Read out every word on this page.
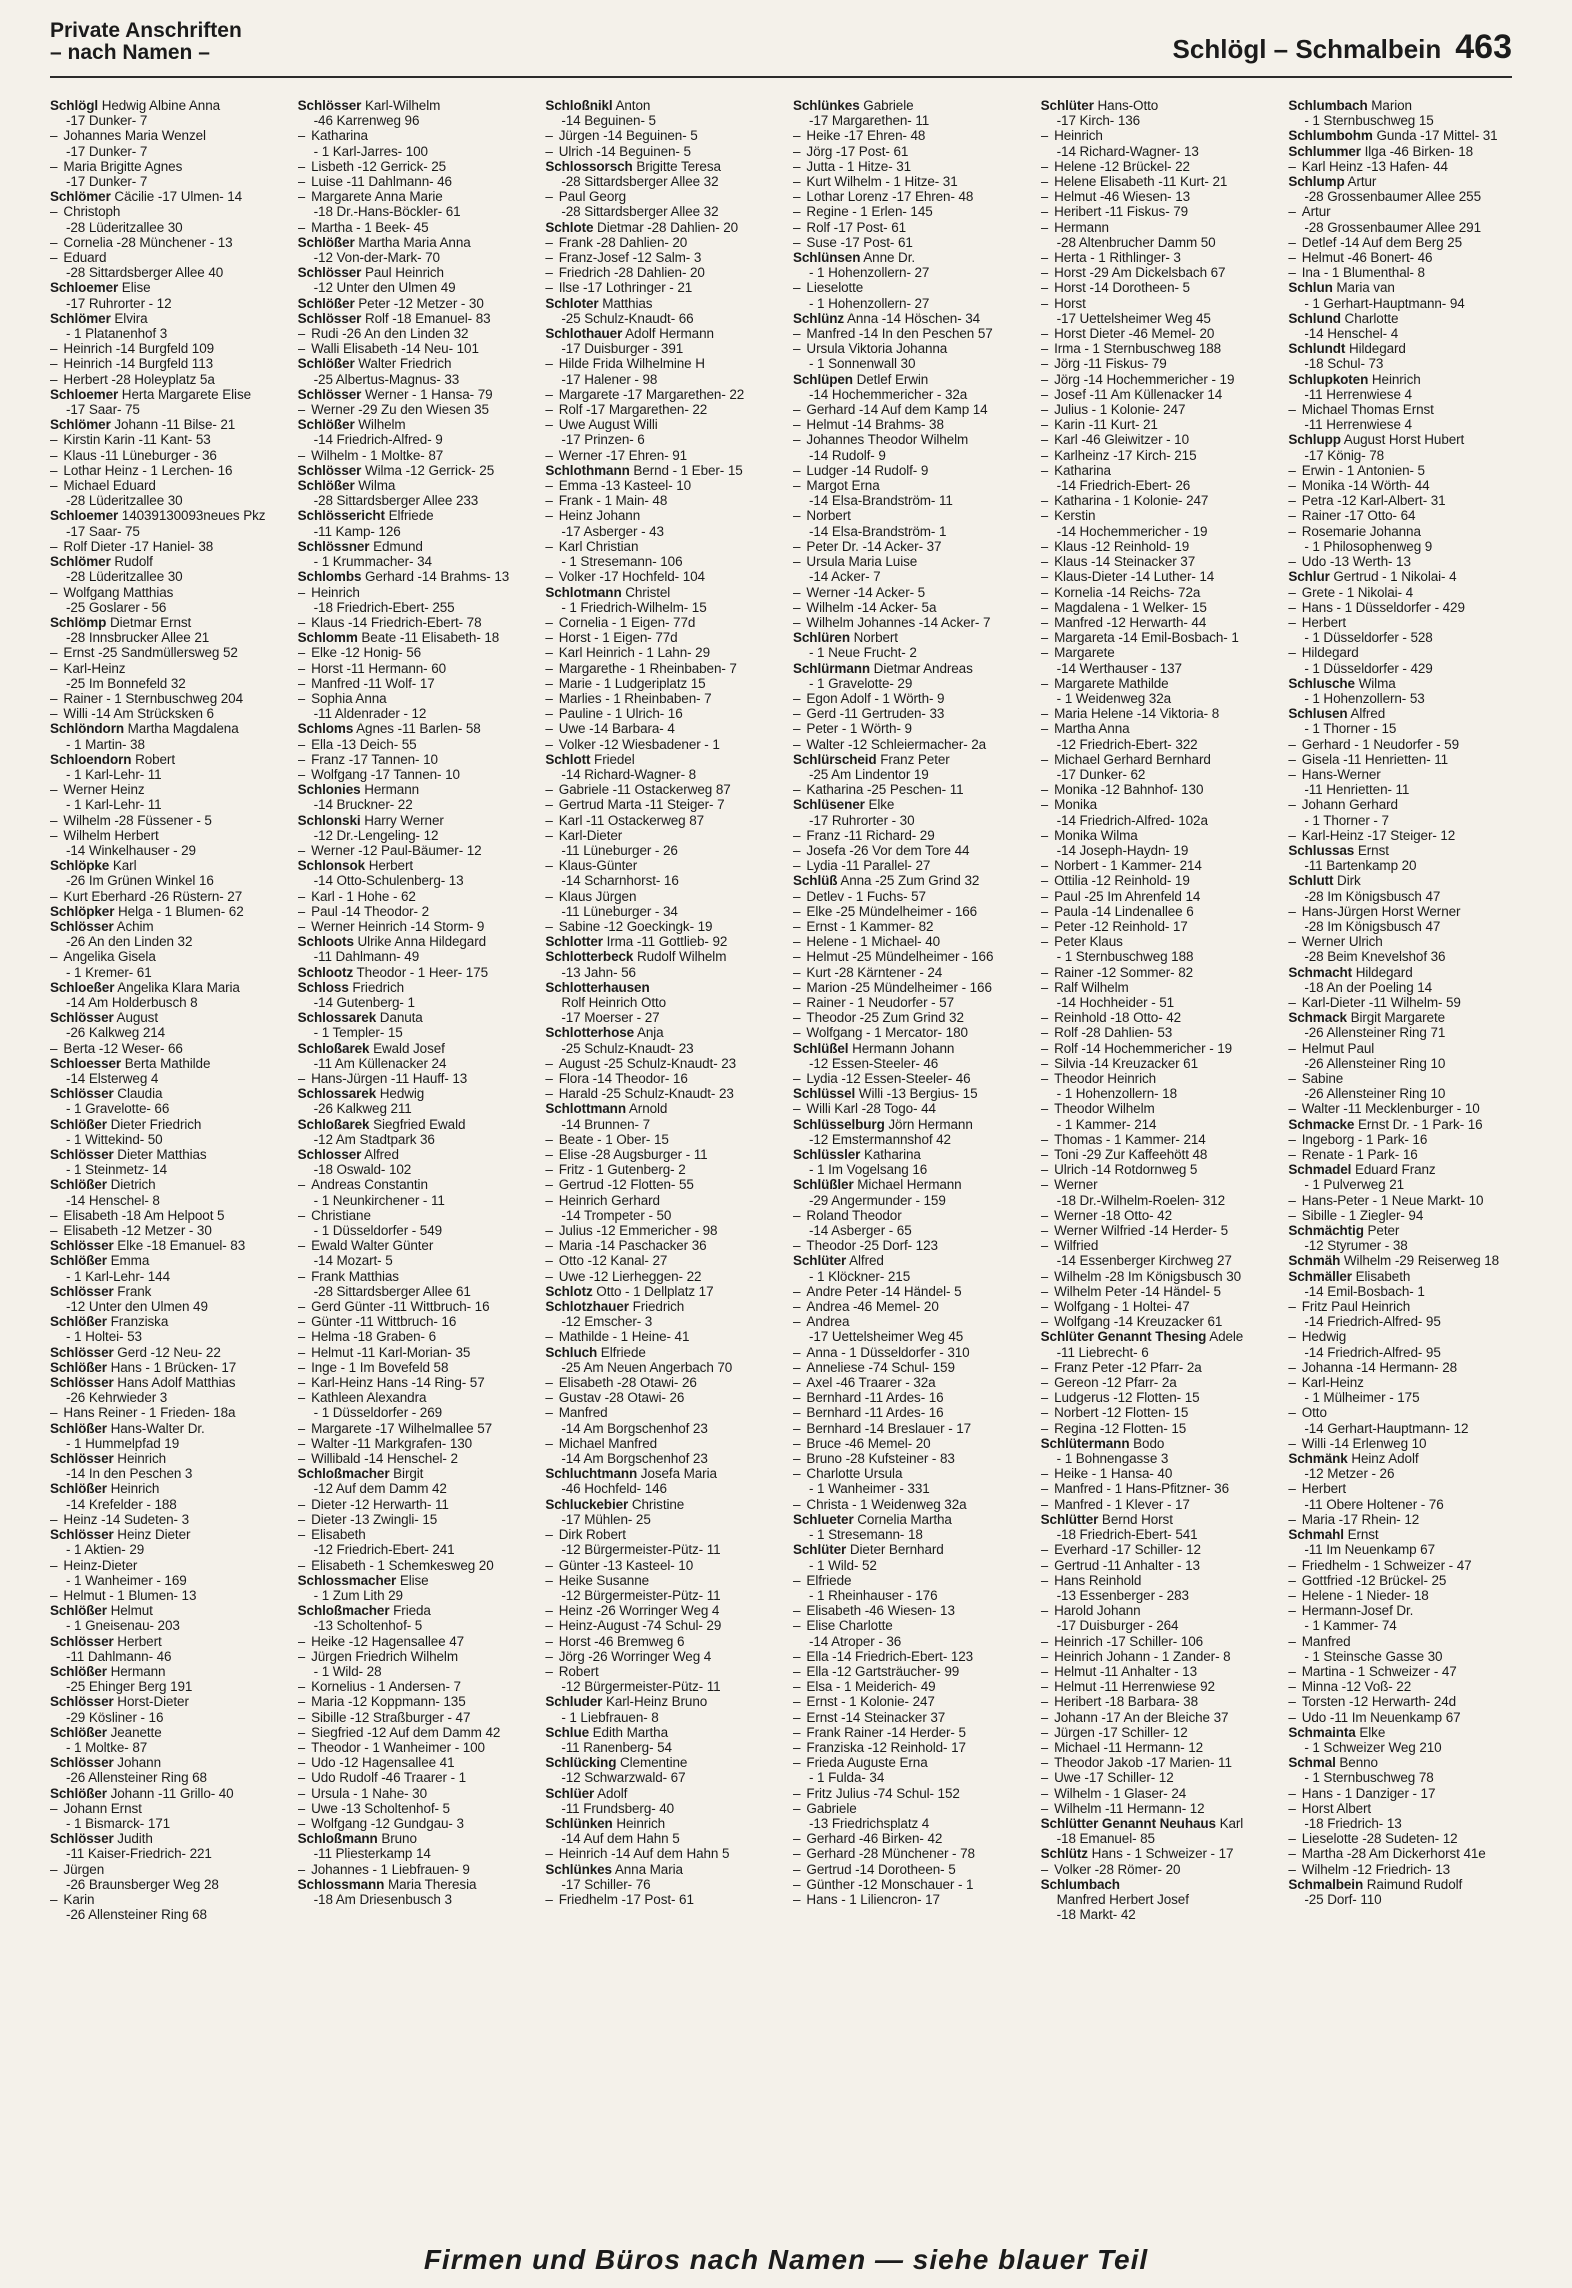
Private Anschriften
– nach Namen –	Schlögl – Schmalbein 463
Schlögl Hedwig Albine Anna
-17 Dunker- 7
– Johannes Maria Wenzel
-17 Dunker- 7
– Maria Brigitte Agnes
-17 Dunker- 7
Schlömer Cäcilie -17 Ulmen- 14
– Christoph
-28 Lüderitzallee 30
– Cornelia -28 Münchener - 13
– Eduard
-28 Sittardsberger Allee 40
Schloemer Elise
-17 Ruhrorter - 12
Schlömer Elvira
- 1 Platanenhof 3
– Heinrich -14 Burgfeld 109
– Heinrich -14 Burgfeld 113
– Herbert -28 Holeyplatz 5a
Schloemer Herta Margarete Elise
-17 Saar- 75
Schlömer Johann -11 Bilse- 21
– Kirstin Karin -11 Kant- 53
– Klaus -11 Lüneburger - 36
– Lothar Heinz - 1 Lerchen- 16
– Michael Eduard
-28 Lüderitzallee 30
Schloemer 14039130093neues Pkz
-17 Saar- 75
– Rolf Dieter -17 Haniel- 38
Schlömer Rudolf
-28 Lüderitzallee 30
– Wolfgang Matthias
-25 Goslarer - 56
Schlömp Dietmar Ernst
-28 Innsbrucker Allee 21
– Ernst -25 Sandmüllersweg 52
– Karl-Heinz
-25 Im Bonnefeld 32
– Rainer - 1 Sternbuschweg 204
– Willi -14 Am Strücksken 6
Schlöndorn Martha Magdalena
- 1 Martin- 38
Schloendorn Robert
- 1 Karl-Lehr- 11
– Werner Heinz
- 1 Karl-Lehr- 11
– Wilhelm -28 Füssener - 5
– Wilhelm Herbert
-14 Winkelhauser - 29
Schlöpke Karl
-26 Im Grünen Winkel 16
– Kurt Eberhard -26 Rüstern- 27
Schlöpker Helga - 1 Blumen- 62
Schlösser Achim
-26 An den Linden 32
– Angelika Gisela
- 1 Kremer- 61
Schloeßer Angelika Klara Maria
-14 Am Holderbusch 8
Schlösser August
-26 Kalkweg 214
– Berta -12 Weser- 66
Schloesser Berta Mathilde
-14 Elsterweg 4
Schlösser Claudia
- 1 Gravelotte- 66
Schlößer Dieter Friedrich
- 1 Wittekind- 50
Schlösser Dieter Matthias
- 1 Steinmetz- 14
Schlößer Dietrich
-14 Henschel- 8
– Elisabeth -18 Am Helpoot 5
– Elisabeth -12 Metzer - 30
Schlösser Elke -18 Emanuel- 83
Schlößer Emma
- 1 Karl-Lehr- 144
Schlösser Frank
-12 Unter den Ulmen 49
Schlößer Franziska
- 1 Holtei- 53
Schlösser Gerd -12 Neu- 22
Schlößer Hans - 1 Brücken- 17
Schlösser Hans Adolf Matthias
-26 Kehrwieder 3
– Hans Reiner - 1 Frieden- 18a
Schlößer Hans-Walter Dr.
- 1 Hummelpfad 19
Schlösser Heinrich
-14 In den Peschen 3
Schlößer Heinrich
-14 Krefelder - 188
– Heinz -14 Sudeten- 3
Schlösser Heinz Dieter
- 1 Aktien- 29
– Heinz-Dieter
- 1 Wanheimer - 169
– Helmut - 1 Blumen- 13
Schlößer Helmut
- 1 Gneisenau- 203
Schlösser Herbert
-11 Dahlmann- 46
Schlößer Hermann
-25 Ehinger Berg 191
Schlösser Horst-Dieter
-29 Kösliner - 16
Schlößer Jeanette
- 1 Moltke- 87
Schlösser Johann
-26 Allensteiner Ring 68
Schlößer Johann -11 Grillo- 40
– Johann Ernst
- 1 Bismarck- 171
Schlösser Judith
-11 Kaiser-Friedrich- 221
– Jürgen
-26 Braunsberger Weg 28
– Karin
-26 Allensteiner Ring 68
Schlösser Karl-Wilhelm
-46 Karrenweg 96
– Katharina
- 1 Karl-Jarres- 100
– Lisbeth -12 Gerrick- 25
– Luise -11 Dahlmann- 46
– Margarete Anna Marie
-18 Dr.-Hans-Böckler- 61
– Martha - 1 Beek- 45
Schlößer Martha Maria Anna
-12 Von-der-Mark- 70
Schlösser Paul Heinrich
-12 Unter den Ulmen 49
Schlößer Peter -12 Metzer - 30
Schlösser Rolf -18 Emanuel- 83
– Rudi -26 An den Linden 32
– Walli Elisabeth -14 Neu- 101
Schlößer Walter Friedrich
-25 Albertus-Magnus- 33
Schlösser Werner - 1 Hansa- 79
– Werner -29 Zu den Wiesen 35
Schlößer Wilhelm
-14 Friedrich-Alfred- 9
– Wilhelm - 1 Moltke- 87
Schlösser Wilma -12 Gerrick- 25
Schlößer Wilma
-28 Sittardsberger Allee 233
Schlössericht Elfriede
-11 Kamp- 126
Schlössner Edmund
- 1 Krummacher- 34
Schlombs Gerhard -14 Brahms- 13
– Heinrich
-18 Friedrich-Ebert- 255
– Klaus -14 Friedrich-Ebert- 78
Schlomm Beate -11 Elisabeth- 18
– Elke -12 Honig- 56
– Horst -11 Hermann- 60
– Manfred -11 Wolf- 17
– Sophia Anna
-11 Aldenrader - 12
Schloms Agnes -11 Barlen- 58
– Ella -13 Deich- 55
– Franz -17 Tannen- 10
– Wolfgang -17 Tannen- 10
Schlonies Hermann
-14 Bruckner- 22
Schlonski Harry Werner
-12 Dr.-Lengeling- 12
– Werner -12 Paul-Bäumer- 12
Schlonsok Herbert
-14 Otto-Schulenberg- 13
– Karl - 1 Hohe - 62
– Paul -14 Theodor- 2
– Werner Heinrich -14 Storm- 9
Schloots Ulrike Anna Hildegard
-11 Dahlmann- 49
Schlootz Theodor - 1 Heer- 175
Schloss Friedrich
-14 Gutenberg- 1
Schlossarek Danuta
- 1 Templer- 15
Schloßarek Ewald Josef
-11 Am Küllenacker 24
– Hans-Jürgen -11 Hauff- 13
Schlossarek Hedwig
-26 Kalkweg 211
Schloßarek Siegfried Ewald
-12 Am Stadtpark 36
Schlosser Alfred
-18 Oswald- 102
– Andreas Constantin
- 1 Neunkirchener - 11
– Christiane
- 1 Düsseldorfer - 549
– Ewald Walter Günter
-14 Mozart- 5
– Frank Matthias
-28 Sittardsberger Allee 61
– Gerd Günter -11 Wittbruch- 16
– Günter -11 Wittbruch- 16
– Helma -18 Graben- 6
– Helmut -11 Karl-Morian- 35
– Inge - 1 Im Bovefeld 58
– Karl-Heinz Hans -14 Ring- 57
– Kathleen Alexandra
- 1 Düsseldorfer - 269
– Margarete -17 Wilhelmallee 57
– Walter -11 Markgrafen- 130
– Willibald -14 Henschel- 2
Schloßmacher Birgit
-12 Auf dem Damm 42
– Dieter -12 Herwarth- 11
– Dieter -13 Zwingli- 15
– Elisabeth
-12 Friedrich-Ebert- 241
– Elisabeth - 1 Schemkesweg 20
Schlossmacher Elise
- 1 Zum Lith 29
Schloßmacher Frieda
-13 Scholtenhof- 5
– Heike -12 Hagensallee 47
– Jürgen Friedrich Wilhelm
- 1 Wild- 28
– Kornelius - 1 Andersen- 7
– Maria -12 Koppmann- 135
– Sibille -12 Straßburger - 47
– Siegfried -12 Auf dem Damm 42
– Theodor - 1 Wanheimer - 100
– Udo -12 Hagensallee 41
– Udo Rudolf -46 Traarer - 1
– Ursula - 1 Nahe- 30
– Uwe -13 Scholtenhof- 5
– Wolfgang -12 Gundgau- 3
Schloßmann Bruno
-11 Pliesterkamp 14
– Johannes - 1 Liebfrauen- 9
Schlossmann Maria Theresia
-18 Am Driesenbusch 3
Schloßnikl Anton
-14 Beguinen- 5
– Jürgen -14 Beguinen- 5
– Ulrich -14 Beguinen- 5
Schlossorsch Brigitte Teresa
-28 Sittardsberger Allee 32
– Paul Georg
-28 Sittardsberger Allee 32
Schlote Dietmar -28 Dahlien- 20
– Frank -28 Dahlien- 20
– Franz-Josef -12 Salm- 3
– Friedrich -28 Dahlien- 20
– Ilse -17 Lothringer - 21
Schloter Matthias
-25 Schulz-Knaudt- 66
Schlothauer Adolf Hermann
-17 Duisburger - 391
– Hilde Frida Wilhelmine H
-17 Halener - 98
– Margarete -17 Margarethen- 22
– Rolf -17 Margarethen- 22
– Uwe August Willi
-17 Prinzen- 6
– Werner -17 Ehren- 91
Schlothmann Bernd - 1 Eber- 15
– Emma -13 Kasteel- 10
– Frank - 1 Main- 48
– Heinz Johann
-17 Asberger - 43
– Karl Christian
- 1 Stresemann- 106
– Volker -17 Hochfeld- 104
Schlotmann Christel
- 1 Friedrich-Wilhelm- 15
– Cornelia - 1 Eigen- 77d
– Horst - 1 Eigen- 77d
– Karl Heinrich - 1 Lahn- 29
– Margarethe - 1 Rheinbaben- 7
– Marie - 1 Ludgeriplatz 15
– Marlies - 1 Rheinbaben- 7
– Pauline - 1 Ulrich- 16
– Uwe -14 Barbara- 4
– Volker -12 Wiesbadener - 1
Schlott Friedel
-14 Richard-Wagner- 8
– Gabriele -11 Ostackerweg 87
– Gertrud Marta -11 Steiger- 7
– Karl -11 Ostackerweg 87
– Karl-Dieter
-11 Lüneburger - 26
– Klaus-Günter
-14 Scharnhorst- 16
– Klaus Jürgen
-11 Lüneburger - 34
– Sabine -12 Goeckingk- 19
Schlotter Irma -11 Gottlieb- 92
Schlotterbeck Rudolf Wilhelm
-13 Jahn- 56
Schlotterhausen
Rolf Heinrich Otto
-17 Moerser - 27
Schlotterhose Anja
-25 Schulz-Knaudt- 23
– August -25 Schulz-Knaudt- 23
– Flora -14 Theodor- 16
– Harald -25 Schulz-Knaudt- 23
Schlottmann Arnold
-14 Brunnen- 7
– Beate - 1 Ober- 15
– Elise -28 Augsburger - 11
– Fritz - 1 Gutenberg- 2
– Gertrud -12 Flotten- 55
– Heinrich Gerhard
-14 Trompeter - 50
– Julius -12 Emmericher - 98
– Maria -14 Paschacker 36
– Otto -12 Kanal- 27
– Uwe -12 Lierheggen- 22
Schlotz Otto - 1 Dellplatz 17
Schlotzhauer Friedrich
-12 Emscher- 3
– Mathilde - 1 Heine- 41
Schluch Elfriede
-25 Am Neuen Angerbach 70
– Elisabeth -28 Otawi- 26
– Gustav -28 Otawi- 26
– Manfred
-14 Am Borgschenhof 23
– Michael Manfred
-14 Am Borgschenhof 23
Schluchtmann Josefa Maria
-46 Hochfeld- 146
Schluckebier Christine
-17 Mühlen- 25
– Dirk Robert
-12 Bürgermeister-Pütz- 11
– Günter -13 Kasteel- 10
– Heike Susanne
-12 Bürgermeister-Pütz- 11
– Heinz -26 Worringer Weg 4
– Heinz-August -74 Schul- 29
– Horst -46 Bremweg 6
– Jörg -26 Worringer Weg 4
– Robert
-12 Bürgermeister-Pütz- 11
Schluder Karl-Heinz Bruno
- 1 Liebfrauen- 8
Schlue Edith Martha
-11 Ranenberg- 54
Schlücking Clementine
-12 Schwarzwald- 67
Schlüer Adolf
-11 Frundsberg- 40
Schlünken Heinrich
-14 Auf dem Hahn 5
– Heinrich -14 Auf dem Hahn 5
Schlünkes Anna Maria
-17 Schiller- 76
– Friedhelm -17 Post- 61
Schlünkes Gabriele
-17 Margarethen- 11
– Heike -17 Ehren- 48
– Jörg -17 Post- 61
– Jutta - 1 Hitze- 31
– Kurt Wilhelm - 1 Hitze- 31
– Lothar Lorenz -17 Ehren- 48
– Regine - 1 Erlen- 145
– Rolf -17 Post- 61
– Suse -17 Post- 61
Schlünsen Anne Dr.
- 1 Hohenzollern- 27
– Lieselotte
- 1 Hohenzollern- 27
Schlünz Anna -14 Höschen- 34
– Manfred -14 In den Peschen 57
– Ursula Viktoria Johanna
- 1 Sonnenwall 30
Schlüpen Detlef Erwin
-14 Hochemmericher - 32a
– Gerhard -14 Auf dem Kamp 14
– Helmut -14 Brahms- 38
– Johannes Theodor Wilhelm
-14 Rudolf- 9
– Ludger -14 Rudolf- 9
– Margot Erna
-14 Elsa-Brandström- 11
– Norbert
-14 Elsa-Brandström- 1
– Peter Dr. -14 Acker- 37
– Ursula Maria Luise
-14 Acker- 7
– Werner -14 Acker- 5
– Wilhelm -14 Acker- 5a
– Wilhelm Johannes -14 Acker- 7
Schlüren Norbert
- 1 Neue Frucht- 2
Schlürmann Dietmar Andreas
- 1 Gravelotte- 29
– Egon Adolf - 1 Wörth- 9
– Gerd -11 Gertruden- 33
– Peter - 1 Wörth- 9
– Walter -12 Schleiermacher- 2a
Schlürscheid Franz Peter
-25 Am Lindentor 19
– Katharina -25 Peschen- 11
Schlüsener Elke
-17 Ruhrorter - 30
– Franz -11 Richard- 29
– Josefa -26 Vor dem Tore 44
– Lydia -11 Parallel- 27
Schlüß Anna -25 Zum Grind 32
– Detlev - 1 Fuchs- 57
– Elke -25 Mündelheimer - 166
– Ernst - 1 Kammer- 82
– Helene - 1 Michael- 40
– Helmut -25 Mündelheimer - 166
– Kurt -28 Kärntener - 24
– Marion -25 Mündelheimer - 166
– Rainer - 1 Neudorfer - 57
– Theodor -25 Zum Grind 32
– Wolfgang - 1 Mercator- 180
Schlüßel Hermann Johann
-12 Essen-Steeler- 46
– Lydia -12 Essen-Steeler- 46
Schlüssel Willi -13 Bergius- 15
– Willi Karl -28 Togo- 44
Schlüsselburg Jörn Hermann
-12 Emstermannshof 42
Schlüssler Katharina
- 1 Im Vogelsang 16
Schlüßler Michael Hermann
-29 Angermunder - 159
– Roland Theodor
-14 Asberger - 65
– Theodor -25 Dorf- 123
Schlüter Alfred
- 1 Klöckner- 215
– Andre Peter -14 Händel- 5
– Andrea -46 Memel- 20
– Andrea
-17 Uettelsheimer Weg 45
– Anna - 1 Düsseldorfer - 310
– Anneliese -74 Schul- 159
– Axel -46 Traarer - 32a
– Bernhard -11 Ardes- 16
– Bernhard -11 Ardes- 16
– Bernhard -14 Breslauer - 17
– Bruce -46 Memel- 20
– Bruno -28 Kufsteiner - 83
– Charlotte Ursula
- 1 Wanheimer - 331
– Christa - 1 Weidenweg 32a
Schlueter Cornelia Martha
- 1 Stresemann- 18
Schlüter Dieter Bernhard
- 1 Wild- 52
– Elfriede
- 1 Rheinhauser - 176
– Elisabeth -46 Wiesen- 13
– Elise Charlotte
-14 Atroper - 36
– Ella -14 Friedrich-Ebert- 123
– Ella -12 Gartsträucher- 99
– Elsa - 1 Meiderich- 49
– Ernst - 1 Kolonie- 247
– Ernst -14 Steinacker 37
– Frank Rainer -14 Herder- 5
– Franziska -12 Reinhold- 17
– Frieda Auguste Erna
- 1 Fulda- 34
– Fritz Julius -74 Schul- 152
– Gabriele
-13 Friedrichsplatz 4
– Gerhard -46 Birken- 42
– Gerhard -28 Münchener - 78
– Gertrud -14 Dorotheen- 5
– Günther -12 Monschauer - 1
– Hans - 1 Liliencron- 17
Schlüter Hans-Otto
-17 Kirch- 136
– Heinrich
-14 Richard-Wagner- 13
– Helene -12 Brückel- 22
– Helene Elisabeth -11 Kurt- 21
– Helmut -46 Wiesen- 13
– Heribert -11 Fiskus- 79
– Hermann
-28 Altenbrucher Damm 50
– Herta - 1 Rithlinger- 3
– Horst -29 Am Dickelsbach 67
– Horst -14 Dorotheen- 5
– Horst
-17 Uettelsheimer Weg 45
– Horst Dieter -46 Memel- 20
– Irma - 1 Sternbuschweg 188
– Jörg -11 Fiskus- 79
– Jörg -14 Hochemmericher - 19
– Josef -11 Am Küllenacker 14
– Julius - 1 Kolonie- 247
– Karin -11 Kurt- 21
– Karl -46 Gleiwitzer - 10
– Karlheinz -17 Kirch- 215
– Katharina
-14 Friedrich-Ebert- 26
– Katharina - 1 Kolonie- 247
– Kerstin
-14 Hochemmericher - 19
– Klaus -12 Reinhold- 19
– Klaus -14 Steinacker 37
– Klaus-Dieter -14 Luther- 14
– Kornelia -14 Reichs- 72a
– Magdalena - 1 Welker- 15
– Manfred -12 Herwarth- 44
– Margareta -14 Emil-Bosbach- 1
– Margarete
-14 Werthauser - 137
– Margarete Mathilde
- 1 Weidenweg 32a
– Maria Helene -14 Viktoria- 8
– Martha Anna
-12 Friedrich-Ebert- 322
– Michael Gerhard Bernhard
-17 Dunker- 62
– Monika -12 Bahnhof- 130
– Monika
-14 Friedrich-Alfred- 102a
– Monika Wilma
-14 Joseph-Haydn- 19
– Norbert - 1 Kammer- 214
– Ottilia -12 Reinhold- 19
– Paul -25 Im Ahrenfeld 14
– Paula -14 Lindenallee 6
– Peter -12 Reinhold- 17
– Peter Klaus
- 1 Sternbuschweg 188
– Rainer -12 Sommer- 82
– Ralf Wilhelm
-14 Hochheider - 51
– Reinhold -18 Otto- 42
– Rolf -28 Dahlien- 53
– Rolf -14 Hochemmericher - 19
– Silvia -14 Kreuzacker 61
– Theodor Heinrich
- 1 Hohenzollern- 18
– Theodor Wilhelm
- 1 Kammer- 214
– Thomas - 1 Kammer- 214
– Toni -29 Zur Kaffeehött 48
– Ulrich -14 Rotdornweg 5
– Werner
-18 Dr.-Wilhelm-Roelen- 312
– Werner -18 Otto- 42
– Werner Wilfried -14 Herder- 5
– Wilfried
-14 Essenberger Kirchweg 27
– Wilhelm -28 Im Königsbusch 30
– Wilhelm Peter -14 Händel- 5
– Wolfgang - 1 Holtei- 47
– Wolfgang -14 Kreuzacker 61
Schlüter Genannt Thesing Adele
-11 Liebrecht- 6
– Franz Peter -12 Pfarr- 2a
– Gereon -12 Pfarr- 2a
– Ludgerus -12 Flotten- 15
– Norbert -12 Flotten- 15
– Regina -12 Flotten- 15
Schlütermann Bodo
- 1 Bohnengasse 3
– Heike - 1 Hansa- 40
– Manfred - 1 Hans-Pfitzner- 36
– Manfred - 1 Klever - 17
Schlütter Bernd Horst
-18 Friedrich-Ebert- 541
– Everhard -17 Schiller- 12
– Gertrud -11 Anhalter - 13
– Hans Reinhold
-13 Essenberger - 283
– Harold Johann
-17 Duisburger - 264
– Heinrich -17 Schiller- 106
– Heinrich Johann - 1 Zander- 8
– Helmut -11 Anhalter - 13
– Helmut -11 Herrenwiese 92
– Heribert -18 Barbara- 38
– Johann -17 An der Bleiche 37
– Jürgen -17 Schiller- 12
– Michael -11 Hermann- 12
– Theodor Jakob -17 Marien- 11
– Uwe -17 Schiller- 12
– Wilhelm - 1 Glaser- 24
– Wilhelm -11 Hermann- 12
Schlütter Genannt Neuhaus Karl
-18 Emanuel- 85
Schlütz Hans - 1 Schweizer - 17
– Volker -28 Römer- 20
Schlumbach
Manfred Herbert Josef
-18 Markt- 42
Schlumbach Marion
- 1 Sternbuschweg 15
Schlumbohm Gunda -17 Mittel- 31
Schlummer Ilga -46 Birken- 18
– Karl Heinz -13 Hafen- 44
Schlump Artur
-28 Grossenbaumer Allee 255
– Artur
-28 Grossenbaumer Allee 291
– Detlef -14 Auf dem Berg 25
– Helmut -46 Bonert- 46
– Ina - 1 Blumenthal- 8
Schlun Maria van
- 1 Gerhart-Hauptmann- 94
Schlund Charlotte
-14 Henschel- 4
Schlundt Hildegard
-18 Schul- 73
Schlupkoten Heinrich
-11 Herrenwiese 4
– Michael Thomas Ernst
-11 Herrenwiese 4
Schlupp August Horst Hubert
-17 König- 78
– Erwin - 1 Antonien- 5
– Monika -14 Wörth- 44
– Petra -12 Karl-Albert- 31
– Rainer -17 Otto- 64
– Rosemarie Johanna
- 1 Philosophenweg 9
– Udo -13 Werth- 13
Schlur Gertrud - 1 Nikolai- 4
– Grete - 1 Nikolai- 4
– Hans - 1 Düsseldorfer - 429
– Herbert
- 1 Düsseldorfer - 528
– Hildegard
- 1 Düsseldorfer - 429
Schlusche Wilma
- 1 Hohenzollern- 53
Schlusen Alfred
- 1 Thorner - 15
– Gerhard - 1 Neudorfer - 59
– Gisela -11 Henrietten- 11
– Hans-Werner
-11 Henrietten- 11
– Johann Gerhard
- 1 Thorner - 7
– Karl-Heinz -17 Steiger- 12
Schlussas Ernst
-11 Bartenkamp 20
Schlutt Dirk
-28 Im Königsbusch 47
– Hans-Jürgen Horst Werner
-28 Im Königsbusch 47
– Werner Ulrich
-28 Beim Knevelshof 36
Schmacht Hildegard
-18 An der Poeling 14
– Karl-Dieter -11 Wilhelm- 59
Schmack Birgit Margarete
-26 Allensteiner Ring 71
– Helmut Paul
-26 Allensteiner Ring 10
– Sabine
-26 Allensteiner Ring 10
– Walter -11 Mecklenburger - 10
Schmacke Ernst Dr. - 1 Park- 16
– Ingeborg - 1 Park- 16
– Renate - 1 Park- 16
Schmadel Eduard Franz
- 1 Pulverweg 21
– Hans-Peter - 1 Neue Markt- 10
– Sibille - 1 Ziegler- 94
Schmächtig Peter
-12 Styrumer - 38
Schmäh Wilhelm -29 Reiserweg 18
Schmäller Elisabeth
-14 Emil-Bosbach- 1
– Fritz Paul Heinrich
-14 Friedrich-Alfred- 95
– Hedwig
-14 Friedrich-Alfred- 95
– Johanna -14 Hermann- 28
– Karl-Heinz
- 1 Mülheimer - 175
– Otto
-14 Gerhart-Hauptmann- 12
– Willi -14 Erlenweg 10
Schmänk Heinz Adolf
-12 Metzer - 26
– Herbert
-11 Obere Holtener - 76
– Maria -17 Rhein- 12
Schmahl Ernst
-11 Im Neuenkamp 67
– Friedhelm - 1 Schweizer - 47
– Gottfried -12 Brückel- 25
– Helene - 1 Nieder- 18
– Hermann-Josef Dr.
- 1 Kammer- 74
– Manfred
- 1 Steinsche Gasse 30
– Martina - 1 Schweizer - 47
– Minna -12 Voß- 22
– Torsten -12 Herwarth- 24d
– Udo -11 Im Neuenkamp 67
Schmainta Elke
- 1 Schweizer Weg 210
Schmal Benno
- 1 Sternbuschweg 78
– Hans - 1 Danziger - 17
– Horst Albert
-18 Friedrich- 13
– Lieselotte -28 Sudeten- 12
– Martha -28 Am Dickerhorst 41e
– Wilhelm -12 Friedrich- 13
Schmalbein Raimund Rudolf
-25 Dorf- 110
Firmen und Büros nach Namen — siehe blauer Teil
